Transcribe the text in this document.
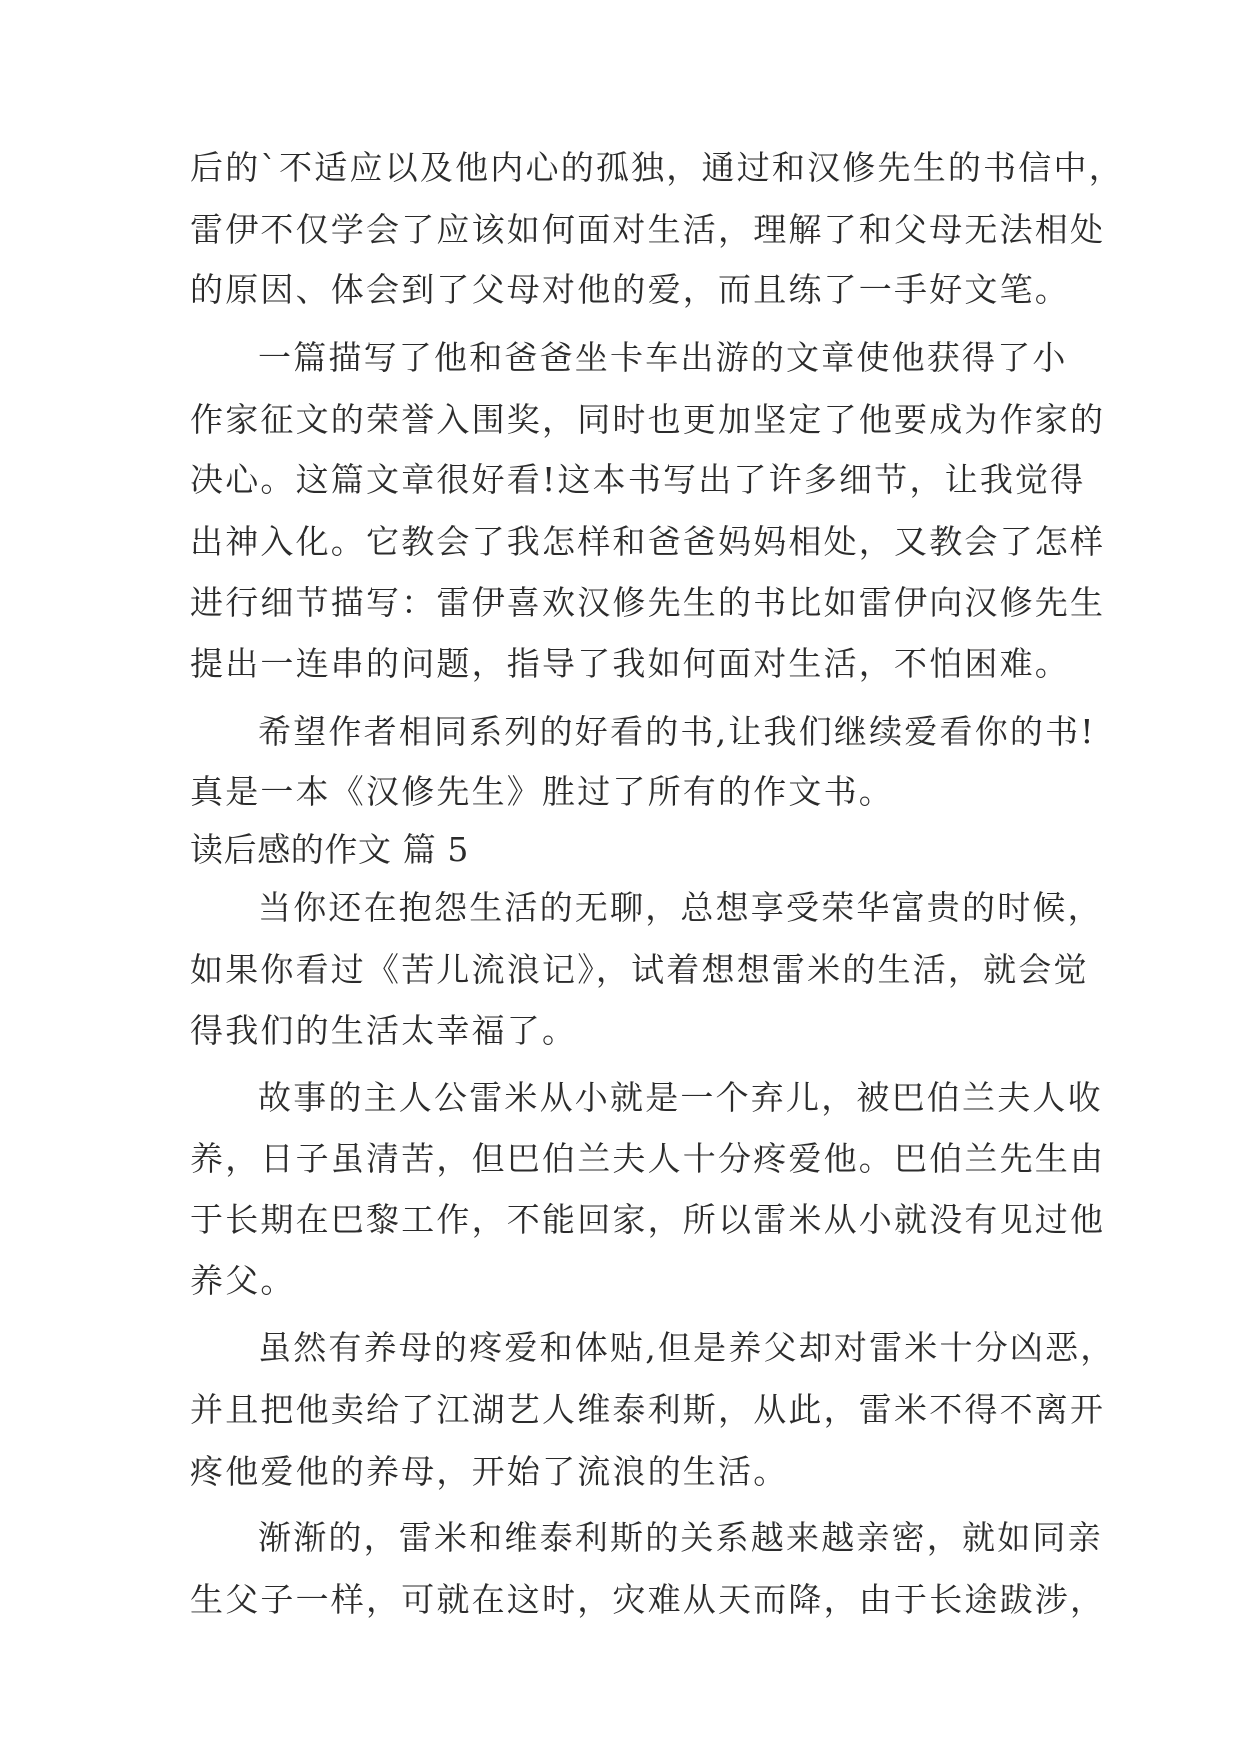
后的`不适应以及他内心的孤独，通过和汉修先生的书信中，
雷伊不仅学会了应该如何面对生活，理解了和父母无法相处
的原因、体会到了父母对他的爱，而且练了一手好文笔。
一篇描写了他和爸爸坐卡车出游的文章使他获得了小
作家征文的荣誉入围奖，同时也更加坚定了他要成为作家的
决心。这篇文章很好看!这本书写出了许多细节，让我觉得
出神入化。它教会了我怎样和爸爸妈妈相处，又教会了怎样
进行细节描写：雷伊喜欢汉修先生的书比如雷伊向汉修先生
提出一连串的问题，指导了我如何面对生活，不怕困难。
希望作者相同系列的好看的书,让我们继续爱看你的书!
真是一本《汉修先生》胜过了所有的作文书。
读后感的作文 篇 5
当你还在抱怨生活的无聊，总想享受荣华富贵的时候，
如果你看过《苦儿流浪记》，试着想想雷米的生活，就会觉
得我们的生活太幸福了。
故事的主人公雷米从小就是一个弃儿，被巴伯兰夫人收
养，日子虽清苦，但巴伯兰夫人十分疼爱他。巴伯兰先生由
于长期在巴黎工作，不能回家，所以雷米从小就没有见过他
养父。
虽然有养母的疼爱和体贴,但是养父却对雷米十分凶恶，
并且把他卖给了江湖艺人维泰利斯，从此，雷米不得不离开
疼他爱他的养母，开始了流浪的生活。
渐渐的，雷米和维泰利斯的关系越来越亲密，就如同亲
生父子一样，可就在这时，灾难从天而降，由于长途跋涉，
